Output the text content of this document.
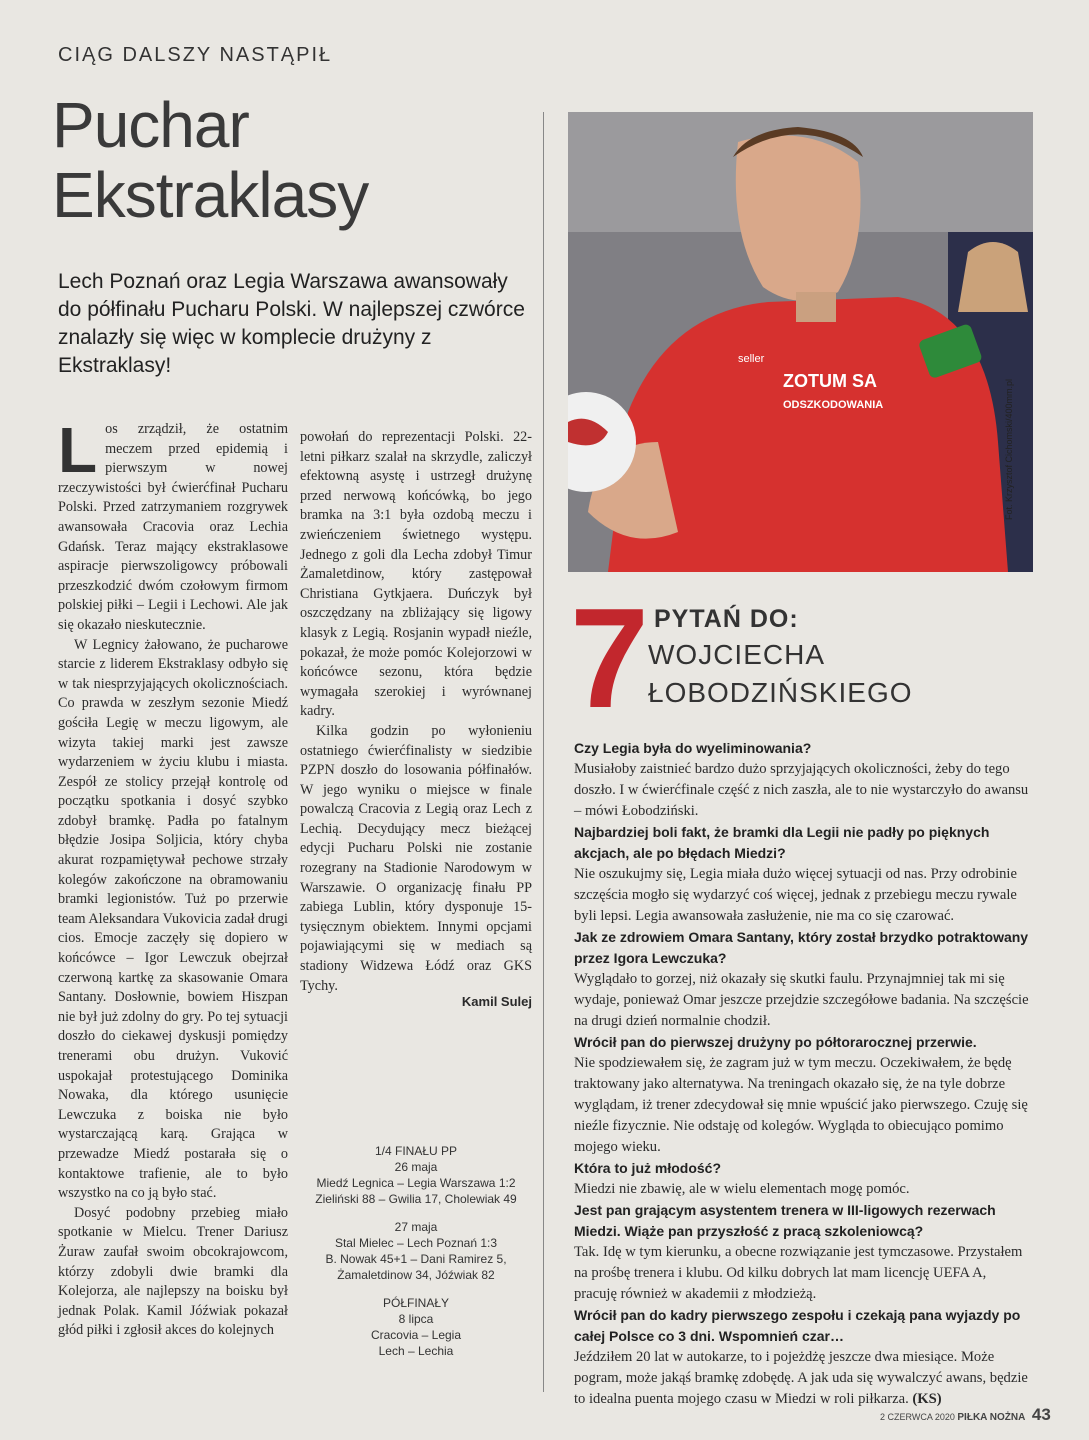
CIĄG DALSZY NASTĄPIŁ
Puchar
Ekstraklasy
Lech Poznań oraz Legia Warszawa awansowały do półfinału Pucharu Polski. W najlepszej czwórce znalazły się więc w komplecie drużyny z Ekstraklasy!

Los zrządził, że ostatnim meczem przed epidemią i pierwszym w nowej rzeczywistości był ćwierćfinał Pucharu Polski. Przed zatrzymaniem rozgrywek awansowała Cracovia oraz Lechia Gdańsk. Teraz mający ekstraklasowe aspiracje pierwszoligowcy próbowali przeszkodzić dwóm czołowym firmom polskiej piłki – Legii i Lechowi. Ale jak się okazało nieskutecznie.

W Legnicy żałowano, że pucharowe starcie z liderem Ekstraklasy odbyło się w tak niesprzyjających okolicznościach. Co prawda w zeszłym sezonie Miedź gościła Legię w meczu ligowym, ale wizyta takiej marki jest zawsze wydarzeniem w życiu klubu i miasta. Zespół ze stolicy przejął kontrolę od początku spotkania i dosyć szybko zdobył bramkę. Padła po fatalnym błędzie Josipa Soljicia, który chyba akurat rozpamiętywał pechowe strzały kolegów zakończone na obramowaniu bramki legionistów. Tuż po przerwie team Aleksandara Vukovicia zadał drugi cios. Emocje zaczęły się dopiero w końcówce – Igor Lewczuk obejrzał czerwoną kartkę za skasowanie Omara Santany. Dosłownie, bowiem Hiszpan nie był już zdolny do gry. Po tej sytuacji doszło do ciekawej dyskusji pomiędzy trenerami obu drużyn. Vuković uspokajał protestującego Dominika Nowaka, dla którego usunięcie Lewczuka z boiska nie było wystarczającą karą. Grająca w przewadze Miedź postarała się o kontaktowe trafienie, ale to było wszystko na co ją było stać.

Dosyć podobny przebieg miało spotkanie w Mielcu. Trener Dariusz Żuraw zaufał swoim obcokrajowcom, którzy zdobyli dwie bramki dla Kolejorza, ale najlepszy na boisku był jednak Polak. Kamil Jóźwiak pokazał głód piłki i zgłosił akces do kolejnych

powołań do reprezentacji Polski. 22-letni piłkarz szalał na skrzydle, zaliczył efektowną asystę i ustrzegł drużynę przed nerwową końcówką, bo jego bramka na 3:1 była ozdobą meczu i zwieńczeniem świetnego występu. Jednego z goli dla Lecha zdobył Timur Żamaletdinow, który zastępował Christiana Gytkjaera. Duńczyk był oszczędzany na zbliżający się ligowy klasyk z Legią. Rosjanin wypadł nieźle, pokazał, że może pomóc Kolejorzowi w końcówce sezonu, która będzie wymagała szerokiej i wyrównanej kadry.

Kilka godzin po wyłonieniu ostatniego ćwierćfinalisty w siedzibie PZPN doszło do losowania półfinałów. W jego wyniku o miejsce w finale powalczą Cracovia z Legią oraz Lech z Lechią. Decydujący mecz bieżącej edycji Pucharu Polski nie zostanie rozegrany na Stadionie Narodowym w Warszawie. O organizację finału PP zabiega Lublin, który dysponuje 15-tysięcznym obiektem. Innymi opcjami pojawiającymi się w mediach są stadiony Widzewa Łódź oraz GKS Tychy.

Kamil Sulej
1/4 FINAŁU PP
26 maja
Miedź Legnica – Legia Warszawa 1:2
Zieliński 88 – Gwilia 17, Cholewiak 49
27 maja
Stal Mielec – Lech Poznań 1:3
B. Nowak 45+1 – Dani Ramirez 5,
Żamaletdinow 34, Jóźwiak 82
PÓŁFINAŁY
8 lipca
Cracovia – Legia
Lech – Lechia
ZOTUM SA
ODSZKODOWANIA
seller
Fot. Krzysztof Cichomski/400mm.pl
7 PYTAŃ DO:
WOJCIECHA
ŁOBODZIŃSKIEGO
Czy Legia była do wyeliminowania?
Musiałoby zaistnieć bardzo dużo sprzyjających okoliczności, żeby do tego doszło. I w ćwierćfinale część z nich zaszła, ale to nie wystarczyło do awansu – mówi Łobodziński.
Najbardziej boli fakt, że bramki dla Legii nie padły po pięknych akcjach, ale po błędach Miedzi?
Nie oszukujmy się, Legia miała dużo więcej sytuacji od nas. Przy odrobinie szczęścia mogło się wydarzyć coś więcej, jednak z przebiegu meczu rywale byli lepsi. Legia awansowała zasłużenie, nie ma co się czarować.
Jak ze zdrowiem Omara Santany, który został brzydko potraktowany przez Igora Lewczuka?
Wyglądało to gorzej, niż okazały się skutki faulu. Przynajmniej tak mi się wydaje, ponieważ Omar jeszcze przejdzie szczegółowe badania. Na szczęście na drugi dzień normalnie chodził.
Wrócił pan do pierwszej drużyny po półtorarocznej przerwie.
Nie spodziewałem się, że zagram już w tym meczu. Oczekiwałem, że będę traktowany jako alternatywa. Na treningach okazało się, że na tyle dobrze wyglądam, iż trener zdecydował się mnie wpuścić jako pierwszego. Czuję się nieźle fizycznie. Nie odstaję od kolegów. Wygląda to obiecująco pomimo mojego wieku.
Która to już młodość?
Miedzi nie zbawię, ale w wielu elementach mogę pomóc.
Jest pan grającym asystentem trenera w III-ligowych rezerwach Miedzi. Wiąże pan przyszłość z pracą szkoleniowcą?
Tak. Idę w tym kierunku, a obecne rozwiązanie jest tymczasowe. Przystałem na prośbę trenera i klubu. Od kilku dobrych lat mam licencję UEFA A, pracuję również w akademii z młodzieżą.
Wrócił pan do kadry pierwszego zespołu i czekają pana wyjazdy po całej Polsce co 3 dni. Wspomnień czar…
Jeździłem 20 lat w autokarze, to i pojeżdżę jeszcze dwa miesiące. Może pogram, może jakąś bramkę zdobędę. A jak uda się wywalczyć awans, będzie to idealna puenta mojego czasu w Miedzi w roli piłkarza. (KS)
2 CZERWCA 2020 PIŁKA NOŻNA 43
